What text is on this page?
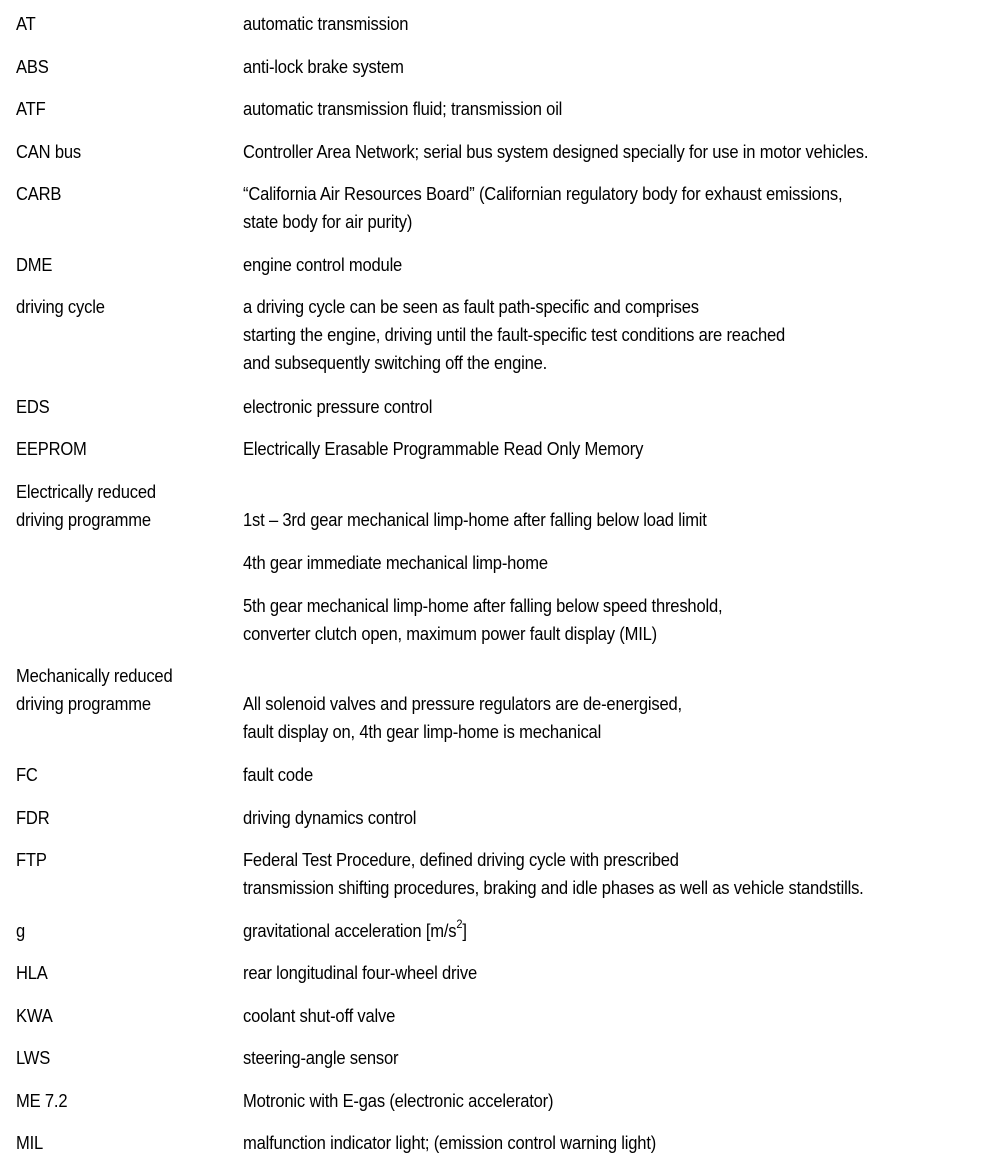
AT	automatic transmission
ABS	anti-lock brake system
ATF	automatic transmission fluid; transmission oil
CAN bus	Controller Area Network; serial bus system designed specially for use in motor vehicles.
CARB	“California Air Resources Board” (Californian regulatory body for exhaust emissions,
state body for air purity)
DME	engine control module
driving cycle	a driving cycle can be seen as fault path-specific and comprises
starting the engine, driving until the fault-specific test conditions are reached
and subsequently switching off the engine.
EDS	electronic pressure control
EEPROM	Electrically Erasable Programmable Read Only Memory
Electrically reduced
driving programme	1st – 3rd gear mechanical limp-home after falling below load limit
4th gear immediate mechanical limp-home
5th gear mechanical limp-home after falling below speed threshold,
converter clutch open, maximum power fault display (MIL)
Mechanically reduced
driving programme	All solenoid valves and pressure regulators are de-energised,
fault display on, 4th gear limp-home is mechanical
FC	fault code
FDR	driving dynamics control
FTP	Federal Test Procedure, defined driving cycle with prescribed
transmission shifting procedures, braking and idle phases as well as vehicle standstills.
g	gravitational acceleration $[m/s^2]$
HLA	rear longitudinal four-wheel drive
KWA	coolant shut-off valve
LWS	steering-angle sensor
ME 7.2	Motronic with E-gas (electronic accelerator)
MIL	malfunction indicator light; (emission control warning light)
